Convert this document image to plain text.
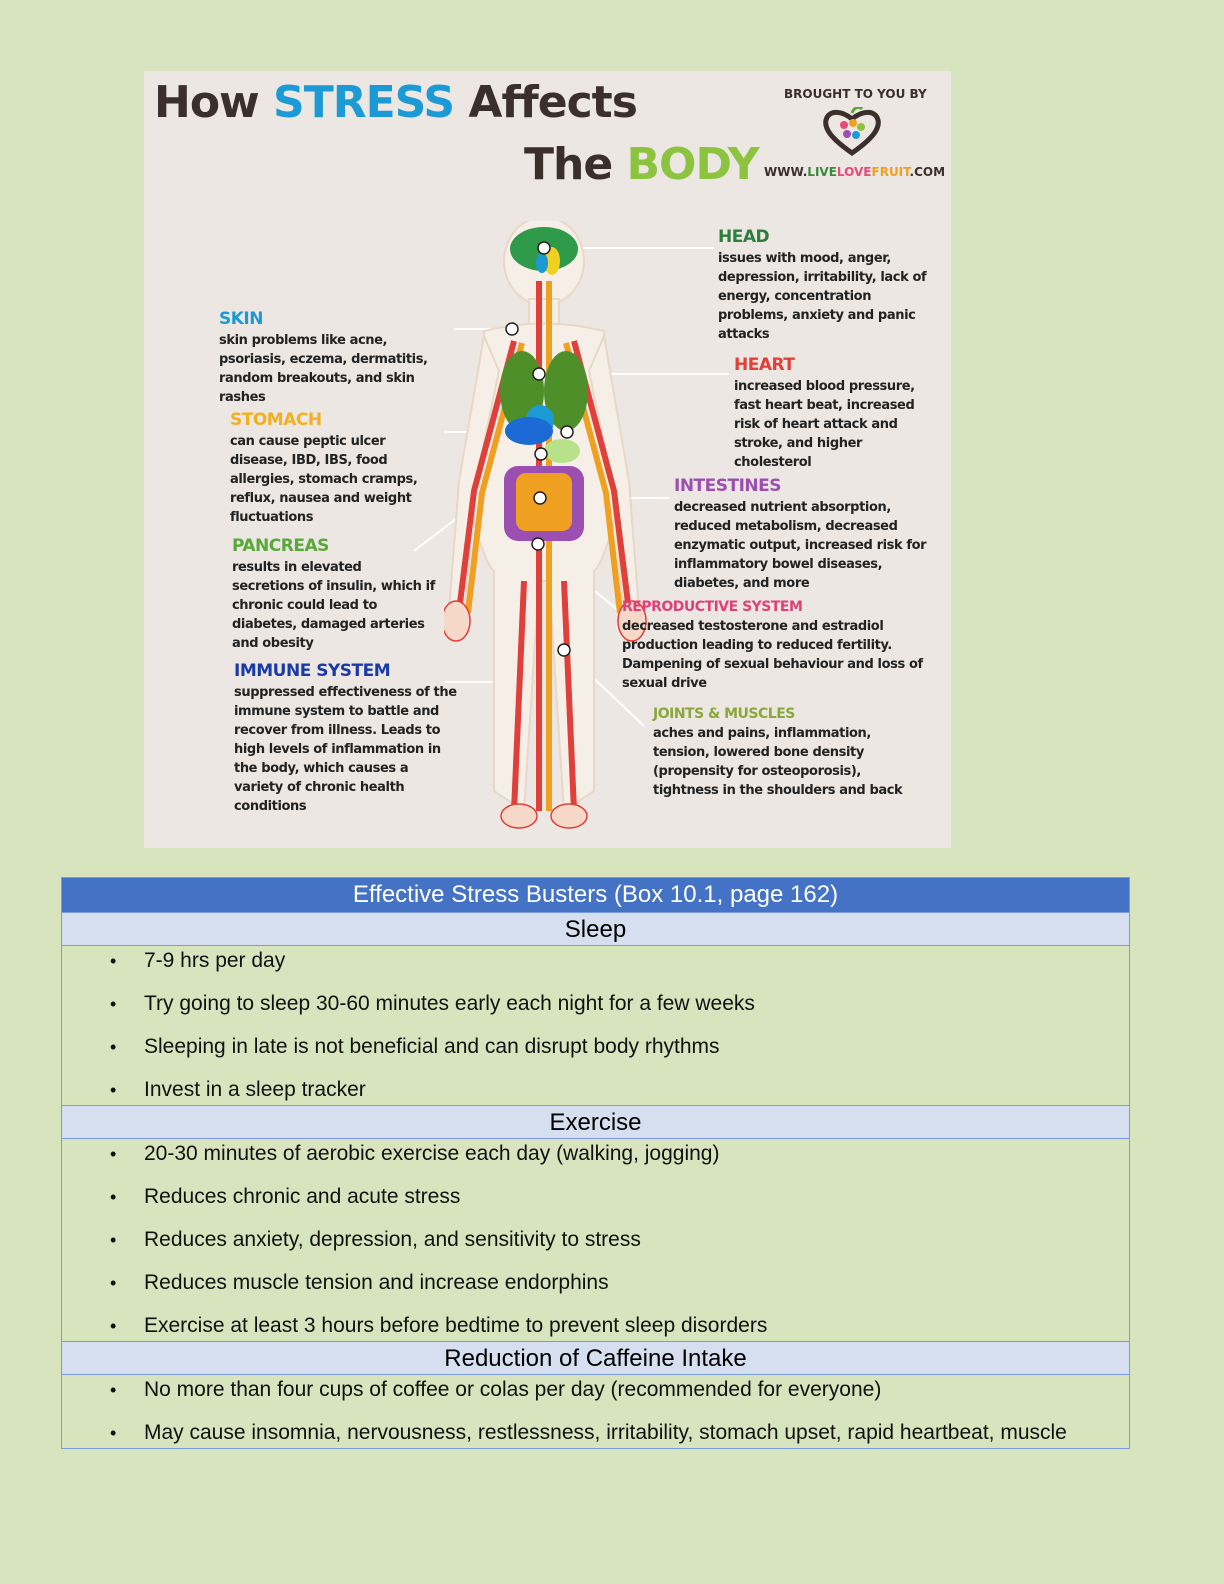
How STRESS Affects
The BODY
BROUGHT TO YOU BY
WWW.LIVELOVEFRUIT.COM
HEAD

issues with mood, anger, depression, irritability, lack of energy, concentration problems, anxiety and panic attacks

SKIN

skin problems like acne, psoriasis, eczema, dermatitis, random breakouts, and skin rashes

HEART

increased blood pressure, fast heart beat, increased risk of heart attack and stroke, and higher cholesterol

STOMACH

can cause peptic ulcer disease, IBD, IBS, food allergies, stomach cramps, reflux, nausea and weight fluctuations

INTESTINES

decreased nutrient absorption, reduced metabolism, decreased enzymatic output, increased risk for inflammatory bowel diseases, diabetes, and more

PANCREAS

results in elevated secretions of insulin, which if chronic could lead to diabetes, damaged arteries and obesity

REPRODUCTIVE SYSTEM

decreased testosterone and estradiol production leading to reduced fertility. Dampening of sexual behaviour and loss of sexual drive

IMMUNE SYSTEM

suppressed effectiveness of the immune system to battle and recover from illness. Leads to high levels of inflammation in the body, which causes a variety of chronic health conditions

JOINTS & MUSCLES

aches and pains, inflammation, tension, lowered bone density (propensity for osteoporosis), tightness in the shoulders and back

Effective Stress Busters (Box 10.1, page 162)
Sleep
• 7-9 hrs per day
• Try going to sleep 30-60 minutes early each night for a few weeks
• Sleeping in late is not beneficial and can disrupt body rhythms
• Invest in a sleep tracker
Exercise
• 20-30 minutes of aerobic exercise each day (walking, jogging)
• Reduces chronic and acute stress
• Reduces anxiety, depression, and sensitivity to stress
• Reduces muscle tension and increase endorphins
• Exercise at least 3 hours before bedtime to prevent sleep disorders
Reduction of Caffeine Intake
• No more than four cups of coffee or colas per day (recommended for everyone)
• May cause insomnia, nervousness, restlessness, irritability, stomach upset, rapid heartbeat, muscle
